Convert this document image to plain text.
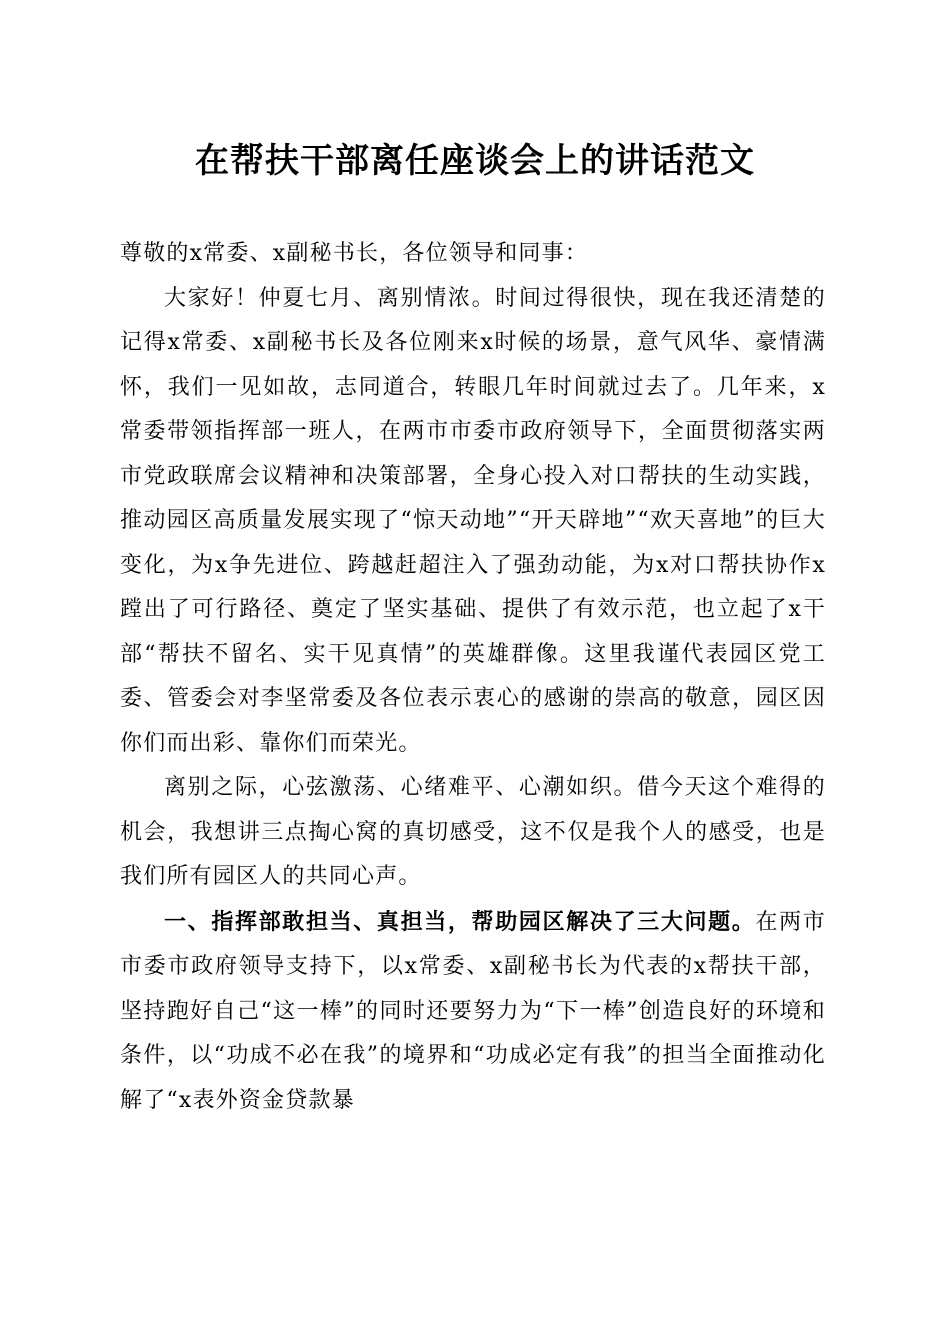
在帮扶干部离任座谈会上的讲话范文

尊敬的x常委、x副秘书长，各位领导和同事：

大家好！仲夏七月、离别情浓。时间过得很快，现在我还清楚的记得x常委、x副秘书长及各位刚来x时候的场景，意气风华、豪情满怀，我们一见如故，志同道合，转眼几年时间就过去了。几年来，x常委带领指挥部一班人，在两市市委市政府领导下，全面贯彻落实两市党政联席会议精神和决策部署，全身心投入对口帮扶的生动实践，推动园区高质量发展实现了“惊天动地”“开天辟地”“欢天喜地”的巨大变化，为x争先进位、跨越赶超注入了强劲动能，为x对口帮扶协作x蹚出了可行路径、奠定了坚实基础、提供了有效示范，也立起了x干部“帮扶不留名、实干见真情”的英雄群像。这里我谨代表园区党工委、管委会对李坚常委及各位表示衷心的感谢的崇高的敬意，园区因你们而出彩、靠你们而荣光。

离别之际，心弦激荡、心绪难平、心潮如织。借今天这个难得的机会，我想讲三点掏心窝的真切感受，这不仅是我个人的感受，也是我们所有园区人的共同心声。

一、指挥部敢担当、真担当，帮助园区解决了三大问题。在两市市委市政府领导支持下，以x常委、x副秘书长为代表的x帮扶干部，坚持跑好自己“这一棒”的同时还要努力为“下一棒”创造良好的环境和条件，以“功成不必在我”的境界和“功成必定有我”的担当全面推动化解了“x表外资金贷款暴
